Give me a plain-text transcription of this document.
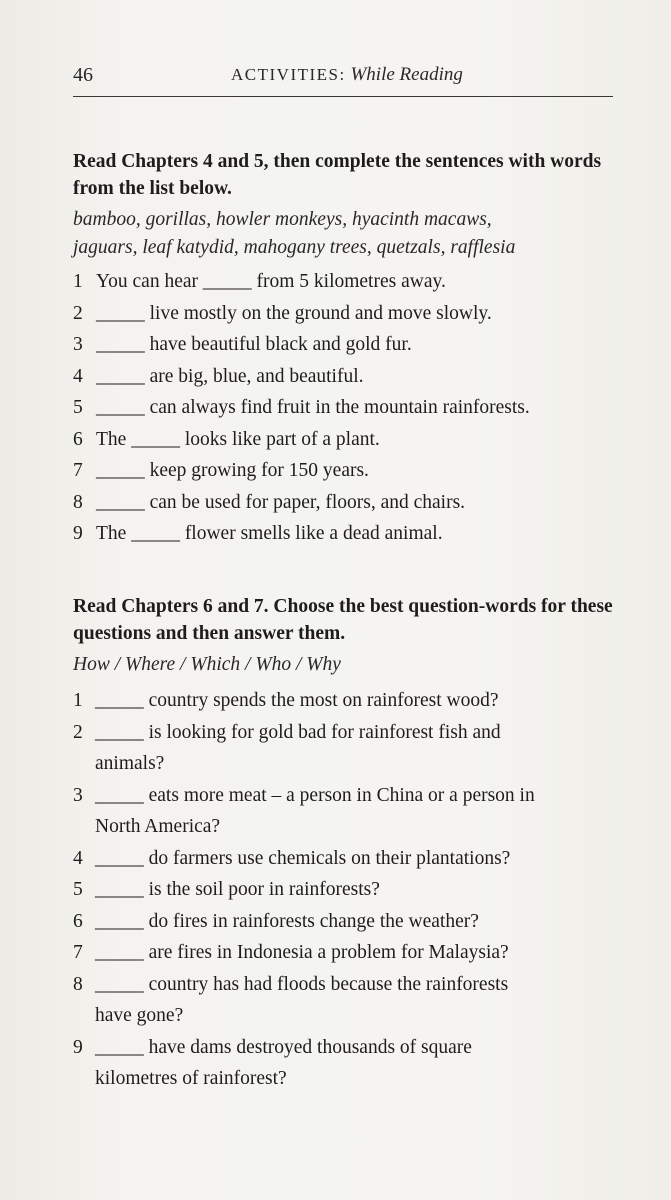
46	ACTIVITIES: While Reading

Read Chapters 4 and 5, then complete the sentences with words from the list below.

bamboo, gorillas, howler monkeys, hyacinth macaws,
jaguars, leaf katydid, mahogany trees, quetzals, rafflesia
1 You can hear _____ from 5 kilometres away.
2 _____ live mostly on the ground and move slowly.
3 _____ have beautiful black and gold fur.
4 _____ are big, blue, and beautiful.
5 _____ can always find fruit in the mountain rainforests.
6 The _____ looks like part of a plant.
7 _____ keep growing for 150 years.
8 _____ can be used for paper, floors, and chairs.
9 The _____ flower smells like a dead animal.

Read Chapters 6 and 7. Choose the best question-words for these questions and then answer them.

How / Where / Which / Who / Why
1 _____ country spends the most on rainforest wood?
2 _____ is looking for gold bad for rainforest fish and
animals?
3 _____ eats more meat – a person in China or a person in
North America?
4 _____ do farmers use chemicals on their plantations?
5 _____ is the soil poor in rainforests?
6 _____ do fires in rainforests change the weather?
7 _____ are fires in Indonesia a problem for Malaysia?
8 _____ country has had floods because the rainforests
have gone?
9 _____ have dams destroyed thousands of square
kilometres of rainforest?
